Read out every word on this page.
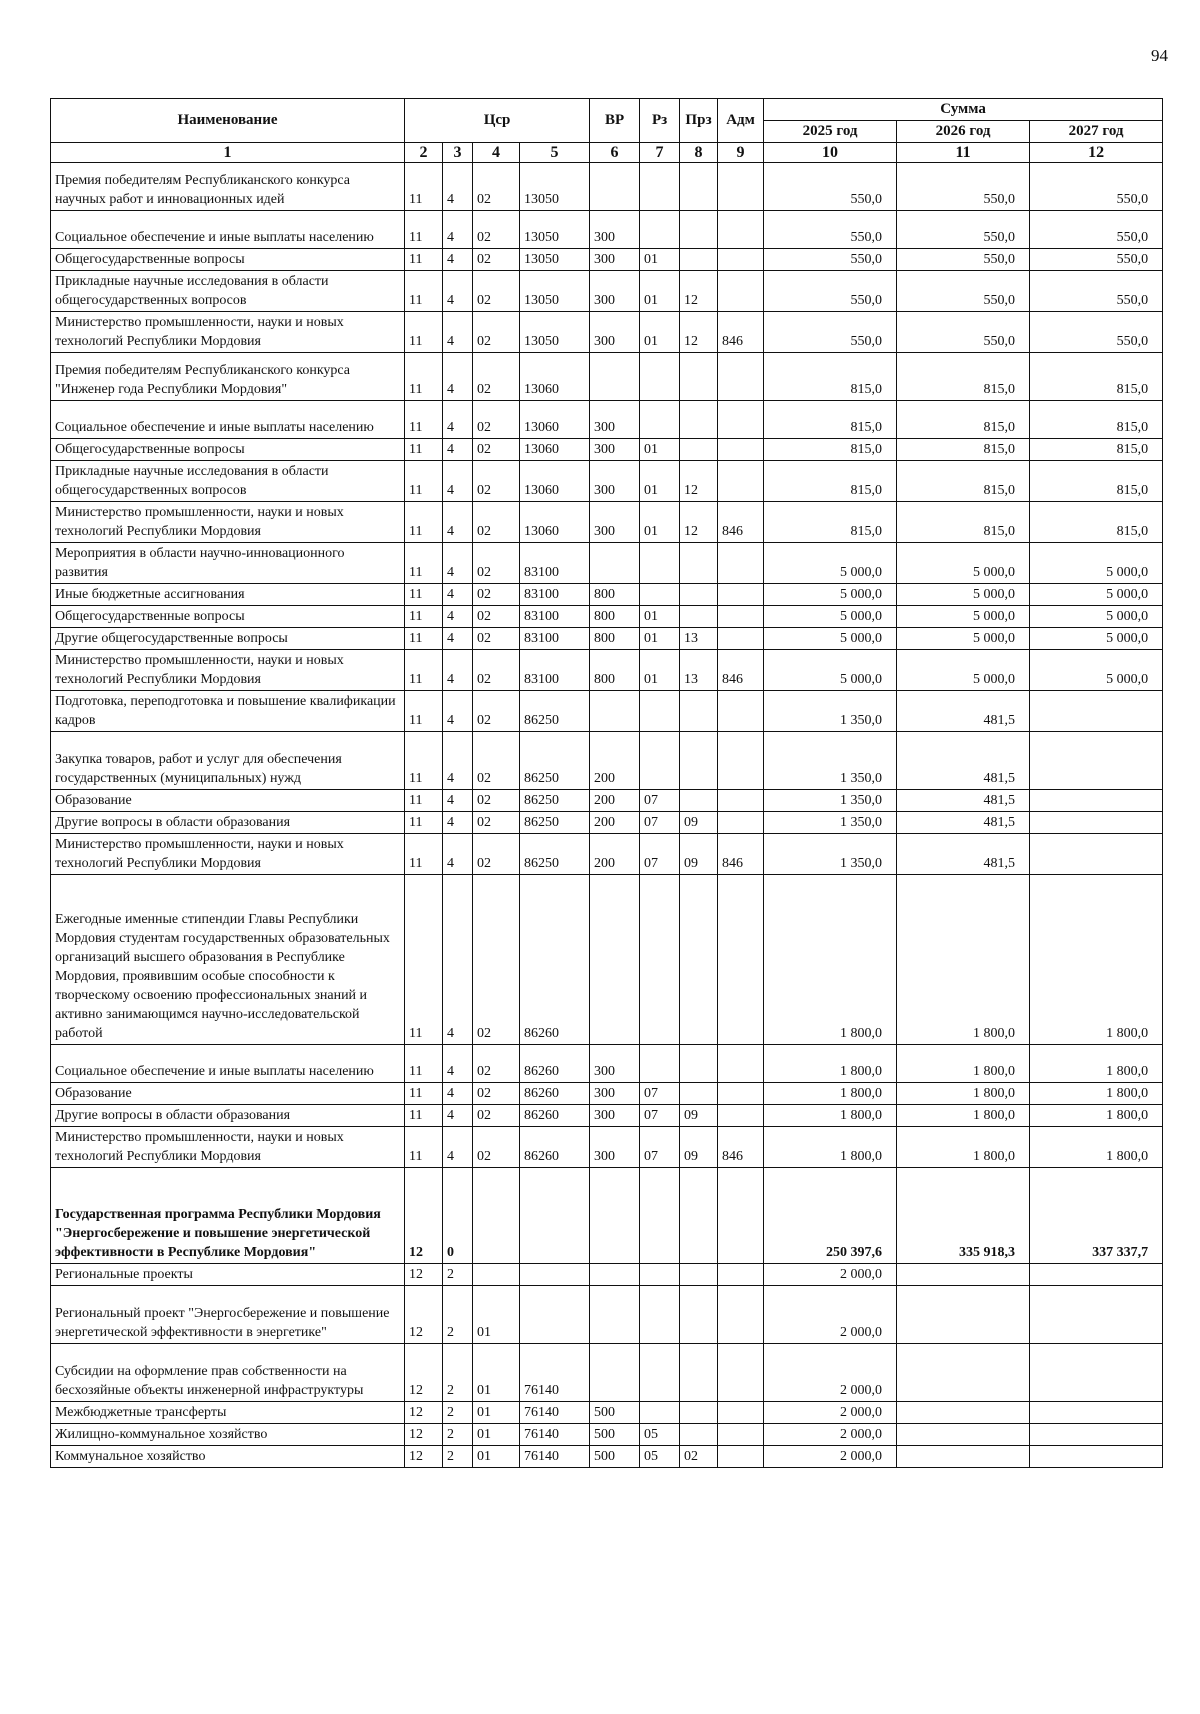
94
Наименование	Цср				ВР	Рз	Прз	Адм	Сумма		
									2025 год	2026 год	2027 год
1	2	3	4	5	6	7	8	9	10	11	12
Премия победителям Республиканского конкурса научных работ и инновационных идей	11	4	02	13050					550,0	550,0	550,0
Социальное обеспечение и иные выплаты населению	11	4	02	13050	300				550,0	550,0	550,0
Общегосударственные вопросы	11	4	02	13050	300	01			550,0	550,0	550,0
Прикладные научные исследования в области общегосударственных вопросов	11	4	02	13050	300	01	12		550,0	550,0	550,0
Министерство промышленности, науки и новых технологий Республики Мордовия	11	4	02	13050	300	01	12	846	550,0	550,0	550,0
Премия победителям Республиканского конкурса "Инженер года Республики Мордовия"	11	4	02	13060					815,0	815,0	815,0
Социальное обеспечение и иные выплаты населению	11	4	02	13060	300				815,0	815,0	815,0
Общегосударственные вопросы	11	4	02	13060	300	01			815,0	815,0	815,0
Прикладные научные исследования в области общегосударственных вопросов	11	4	02	13060	300	01	12		815,0	815,0	815,0
Министерство промышленности, науки и новых технологий Республики Мордовия	11	4	02	13060	300	01	12	846	815,0	815,0	815,0
Мероприятия в области научно-инновационного развития	11	4	02	83100					5 000,0	5 000,0	5 000,0
Иные бюджетные ассигнования	11	4	02	83100	800				5 000,0	5 000,0	5 000,0
Общегосударственные вопросы	11	4	02	83100	800	01			5 000,0	5 000,0	5 000,0
Другие общегосударственные вопросы	11	4	02	83100	800	01	13		5 000,0	5 000,0	5 000,0
Министерство промышленности, науки и новых технологий Республики Мордовия	11	4	02	83100	800	01	13	846	5 000,0	5 000,0	5 000,0
Подготовка, переподготовка и повышение квалификации кадров	11	4	02	86250					1 350,0	481,5	
Закупка товаров, работ и услуг для обеспечения государственных (муниципальных) нужд	11	4	02	86250	200				1 350,0	481,5	
Образование	11	4	02	86250	200	07			1 350,0	481,5	
Другие вопросы в области образования	11	4	02	86250	200	07	09		1 350,0	481,5	
Министерство промышленности, науки и новых технологий Республики Мордовия	11	4	02	86250	200	07	09	846	1 350,0	481,5	
Ежегодные именные стипендии Главы Республики Мордовия студентам государственных образовательных организаций высшего образования в Республике Мордовия, проявившим особые способности к творческому освоению профессиональных знаний и активно занимающимся научно-исследовательской работой	11	4	02	86260					1 800,0	1 800,0	1 800,0
Социальное обеспечение и иные выплаты населению	11	4	02	86260	300				1 800,0	1 800,0	1 800,0
Образование	11	4	02	86260	300	07			1 800,0	1 800,0	1 800,0
Другие вопросы в области образования	11	4	02	86260	300	07	09		1 800,0	1 800,0	1 800,0
Министерство промышленности, науки и новых технологий Республики Мордовия	11	4	02	86260	300	07	09	846	1 800,0	1 800,0	1 800,0
Государственная программа Республики Мордовия "Энергосбережение и повышение энергетической эффективности в Республике Мордовия"	12	0							250 397,6	335 918,3	337 337,7
Региональные проекты	12	2							2 000,0		
Региональный проект "Энергосбережение и повышение энергетической эффективности в энергетике"	12	2	01						2 000,0		
Субсидии на оформление прав собственности на бесхозяйные объекты инженерной инфраструктуры	12	2	01	76140					2 000,0		
Межбюджетные трансферты	12	2	01	76140	500				2 000,0		
Жилищно-коммунальное хозяйство	12	2	01	76140	500	05			2 000,0		
Коммунальное хозяйство	12	2	01	76140	500	05	02		2 000,0		
